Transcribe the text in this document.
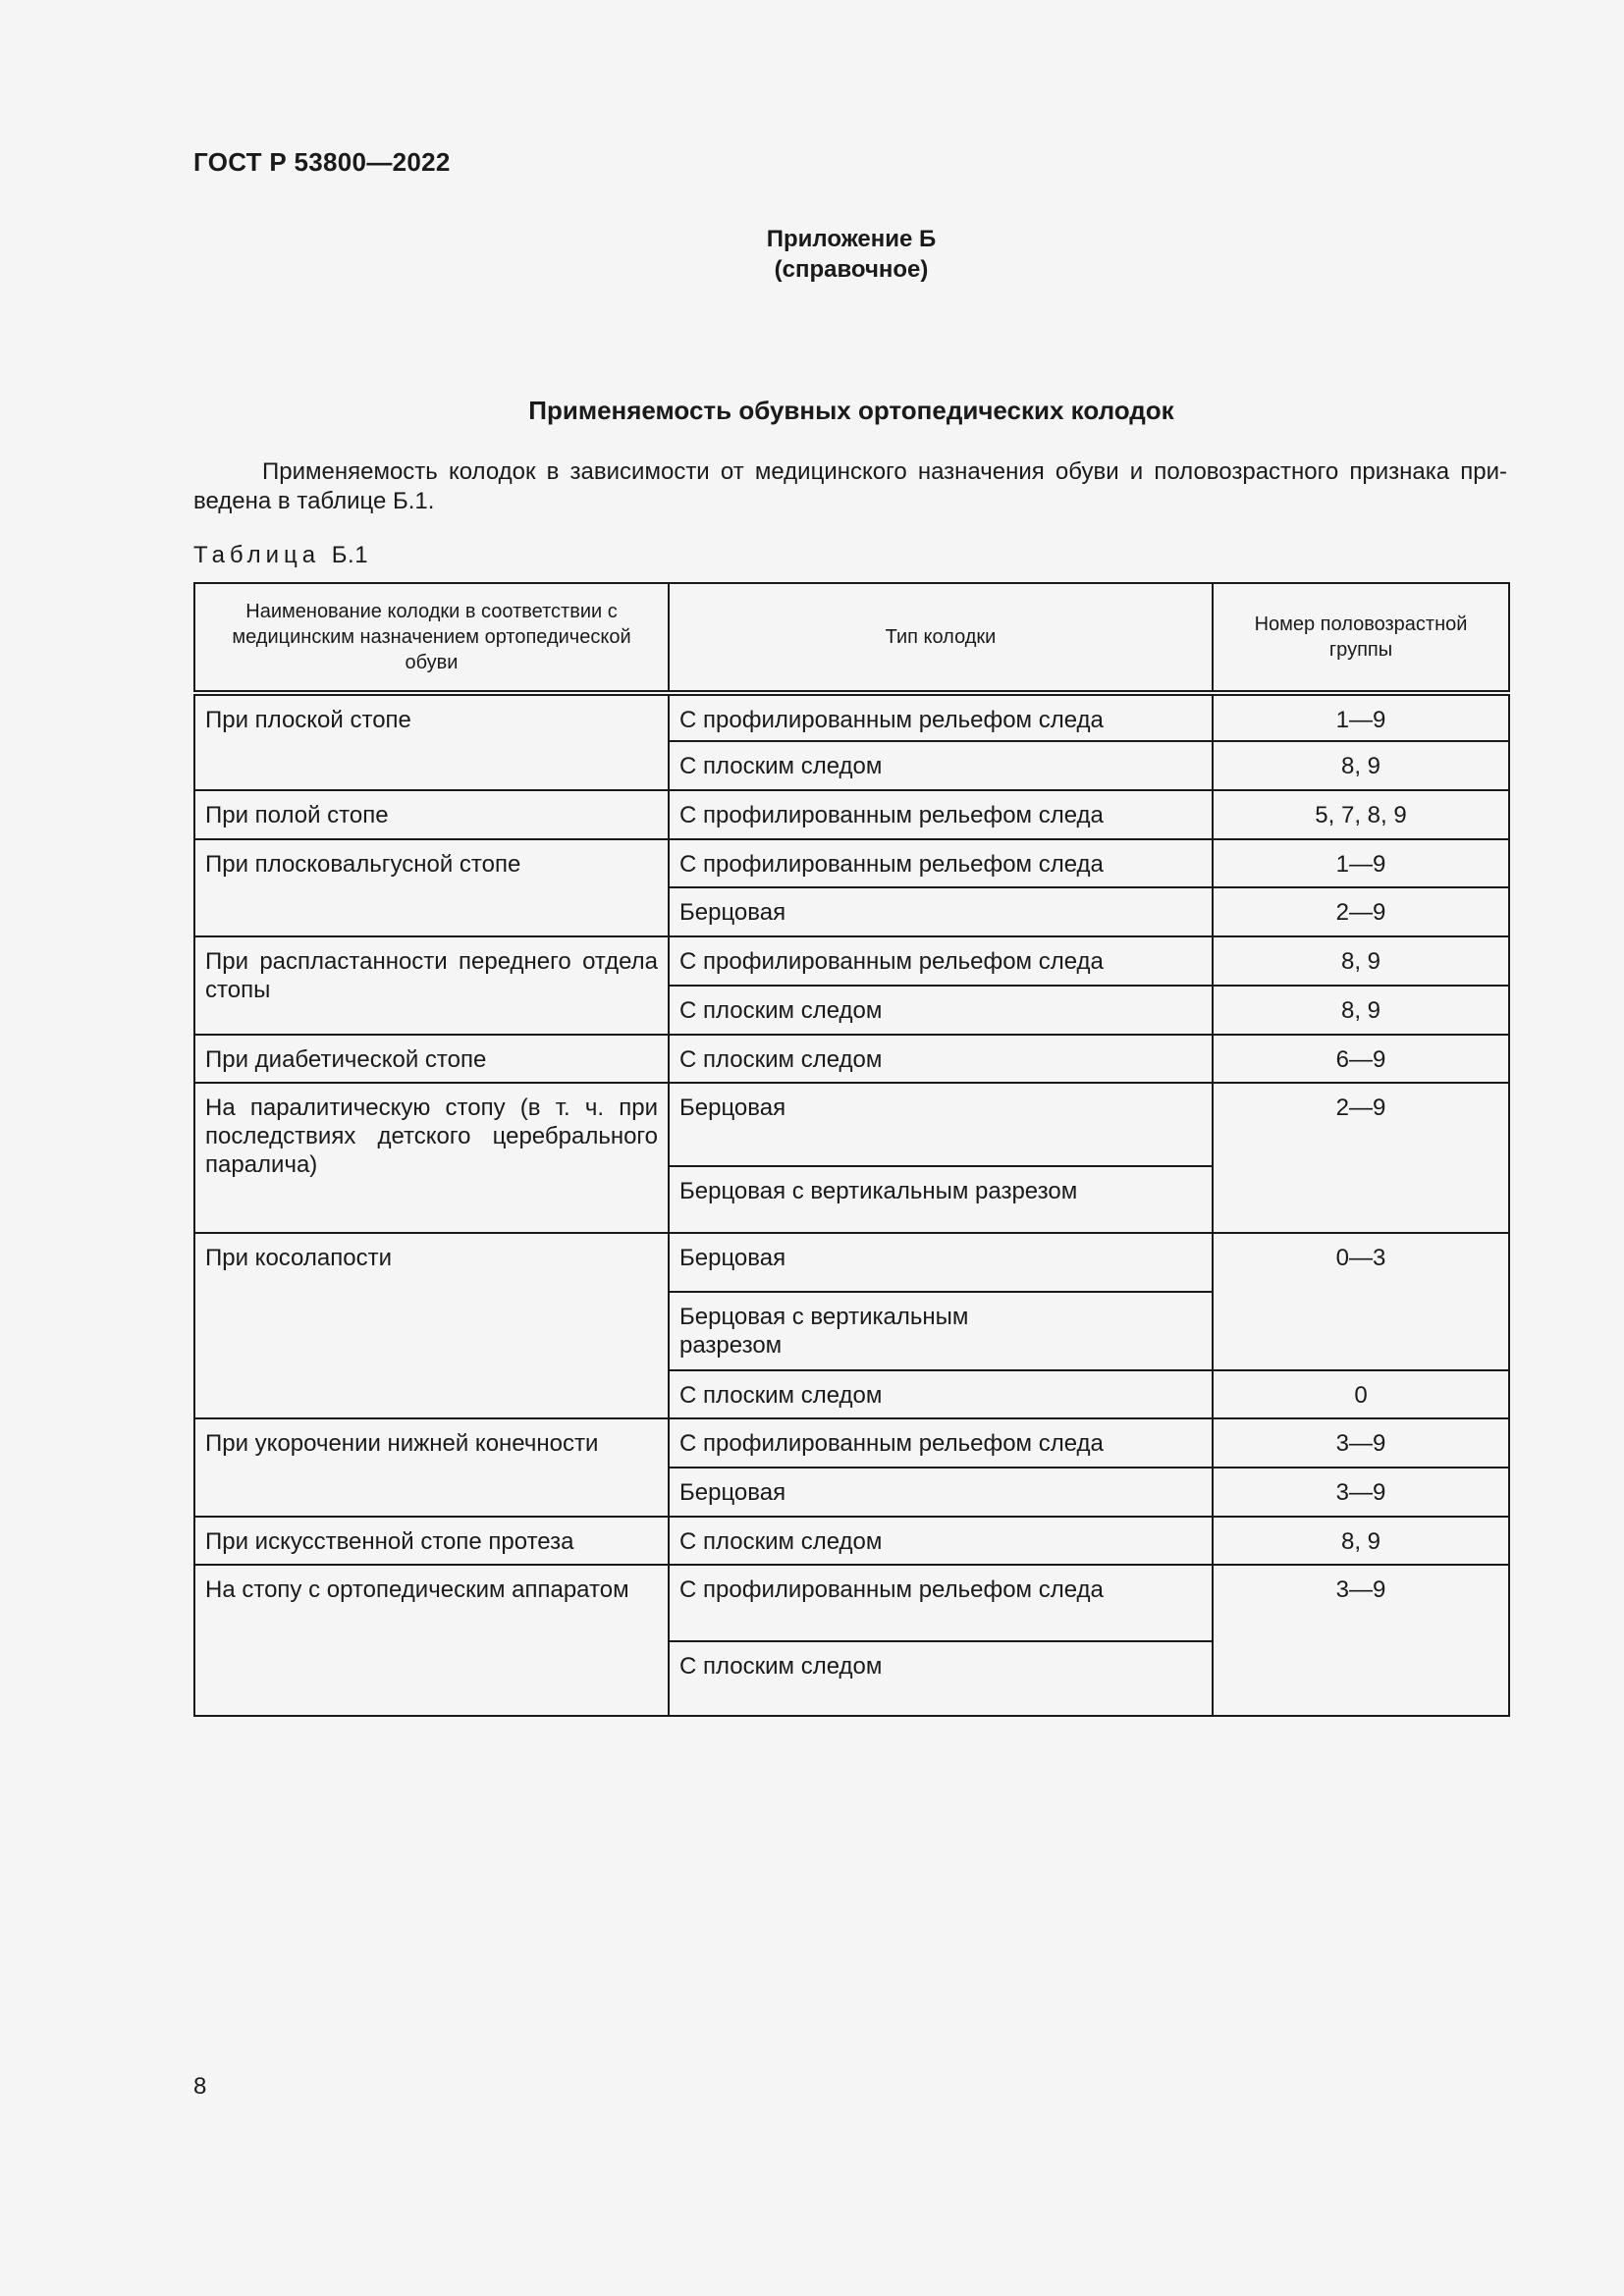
ГОСТ Р 53800—2022
Приложение Б
(справочное)
Применяемость обувных ортопедических колодок
Применяемость колодок в зависимости от медицинского назначения обуви и половозрастного признака при-
ведена в таблице Б.1.
Таблица Б.1
Наименование колодки в соответствии с медицинским назначением ортопедической обуви	Тип колодки	Номер половозрастной группы
При плоской стопе	С профилированным рельефом следа	1—9
	С плоским следом	8, 9
При полой стопе	С профилированным рельефом следа	5, 7, 8, 9
При плосковальгусной стопе	С профилированным рельефом следа	1—9
	Берцовая	2—9
При распластанности переднего отдела стопы	С профилированным рельефом следа	8, 9
	С плоским следом	8, 9
При диабетической стопе	С плоским следом	6—9
На паралитическую стопу (в т. ч. при последствиях детского церебрального паралича)	Берцовая	2—9
	Берцовая с вертикальным разрезом	
При косолапости	Берцовая	0—3
	Берцовая с вертикальным разрезом	
	С плоским следом	0
При укорочении нижней конечности	С профилированным рельефом следа	3—9
	Берцовая	3—9
При искусственной стопе протеза	С плоским следом	8, 9
На стопу с ортопедическим аппаратом	С профилированным рельефом следа	3—9
	С плоским следом	
8
